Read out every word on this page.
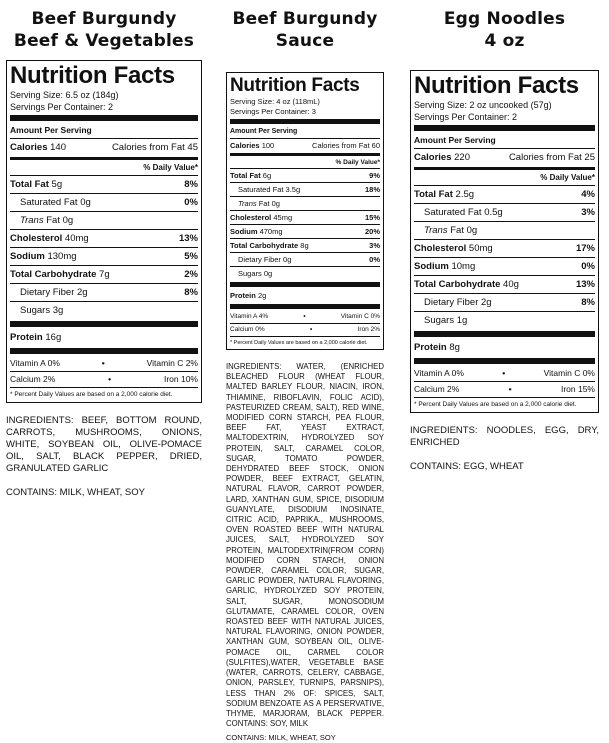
Beef Burgundy
Beef & Vegetables
Nutrition Facts
Serving Size: 6.5 oz (184g)
Servings Per Container: 2
Amount Per Serving
Calories 140	Calories from Fat 45
% Daily Value*
Total Fat 5g	8%
Saturated Fat 0g	0%
Trans Fat 0g
Cholesterol 40mg	13%
Sodium 130mg	5%
Total Carbohydrate 7g	2%
Dietary Fiber 2g	8%
Sugars 3g
Protein 16g
Vitamin A 0%	•	Vitamin C 2%
Calcium 2%	•	Iron 10%
* Percent Daily Values are based on a 2,000 calorie diet.
INGREDIENTS: BEEF, BOTTOM ROUND, CARROTS, MUSHROOMS, ONIONS, WHITE, SOYBEAN OIL, OLIVE-POMACE OIL, SALT, BLACK PEPPER, DRIED, GRANULATED GARLIC
CONTAINS: MILK, WHEAT, SOY
Beef Burgundy
Sauce
Nutrition Facts
Serving Size: 4 oz (118mL)
Servings Per Container: 3
Amount Per Serving
Calories 100	Calories from Fat 60
% Daily Value*
Total Fat 6g	9%
Saturated Fat 3.5g	18%
Trans Fat 0g
Cholesterol 45mg	15%
Sodium 470mg	20%
Total Carbohydrate 8g	3%
Dietary Fiber 0g	0%
Sugars 0g
Protein 2g
Vitamin A 4%	•	Vitamin C 0%
Calcium 0%	•	Iron 2%
* Percent Daily Values are based on a 2,000 calorie diet.
INGREDIENTS: WATER, (ENRICHED BLEACHED FLOUR (WHEAT FLOUR, MALTED BARLEY FLOUR, NIACIN, IRON, THIAMINE, RIBOFLAVIN, FOLIC ACID), PASTEURIZED CREAM, SALT), RED WINE, MODIFIED CORN STARCH, PEA FLOUR, BEEF FAT, YEAST EXTRACT, MALTODEXTRIN, HYDROLYZED SOY PROTEIN, SALT, CARAMEL COLOR, SUGAR, TOMATO POWDER, DEHYDRATED BEEF STOCK, ONION POWDER, BEEF EXTRACT, GELATIN, NATURAL FLAVOR, CARROT POWDER, LARD, XANTHAN GUM, SPICE, DISODIUM GUANYLATE, DISODIUM INOSINATE, CITRIC ACID, PAPRIKA., MUSHROOMS, OVEN ROASTED BEEF WITH NATURAL JUICES, SALT, HYDROLYZED SOY PROTEIN, MALTODEXTRIN(FROM CORN) MODIFIED CORN STARCH, ONION POWDER, CARAMEL COLOR, SUGAR, GARLIC POWDER, NATURAL FLAVORING, GARLIC, HYDROLYZED SOY PROTEIN, SALT, SUGAR, MONOSODIUM GLUTAMATE, CARAMEL COLOR, OVEN ROASTED BEEF WITH NATURAL JUICES, NATURAL FLAVORING, ONION POWDER, XANTHAN GUM, SOYBEAN OIL, OLIVE-POMACE OIL, CARMEL COLOR (SULFITES),WATER, VEGETABLE BASE (WATER, CARROTS, CELERY, CABBAGE, ONION, PARSLEY, TURNIPS, PARSNIPS), LESS THAN 2% OF: SPICES, SALT, SODIUM BENZOATE AS A PERSERVATIVE, THYME, MARJORAM, BLACK PEPPER. CONTAINS: SOY, MILK
CONTAINS: MILK, WHEAT, SOY
Egg Noodles
4 oz
Nutrition Facts
Serving Size: 2 oz uncooked (57g)
Servings Per Container: 2
Amount Per Serving
Calories 220	Calories from Fat 25
% Daily Value*
Total Fat 2.5g	4%
Saturated Fat 0.5g	3%
Trans Fat 0g
Cholesterol 50mg	17%
Sodium 10mg	0%
Total Carbohydrate 40g	13%
Dietary Fiber 2g	8%
Sugars 1g
Protein 8g
Vitamin A 0%	•	Vitamin C 0%
Calcium 2%	•	Iron 15%
* Percent Daily Values are based on a 2,000 calorie diet.
INGREDIENTS: NOODLES, EGG, DRY, ENRICHED
CONTAINS: EGG, WHEAT
